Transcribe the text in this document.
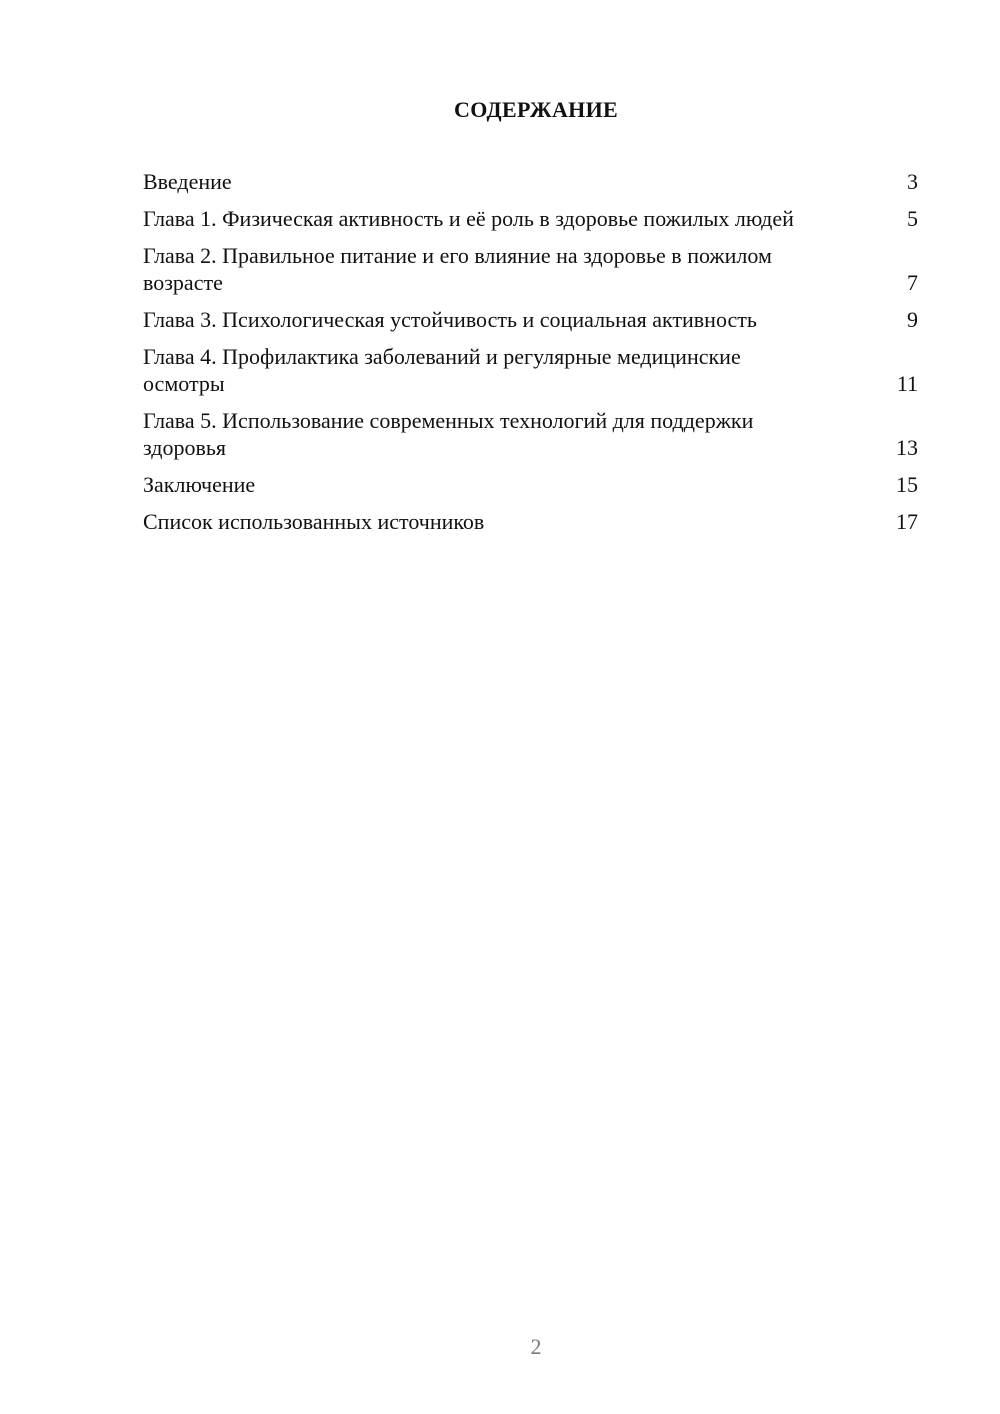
СОДЕРЖАНИЕ
Введение	3
Глава 1. Физическая активность и её роль в здоровье пожилых людей	5
Глава 2. Правильное питание и его влияние на здоровье в пожилом возрасте	7
Глава 3. Психологическая устойчивость и социальная активность	9
Глава 4. Профилактика заболеваний и регулярные медицинские осмотры	11
Глава 5. Использование современных технологий для поддержки здоровья	13
Заключение	15
Список использованных источников	17
2
